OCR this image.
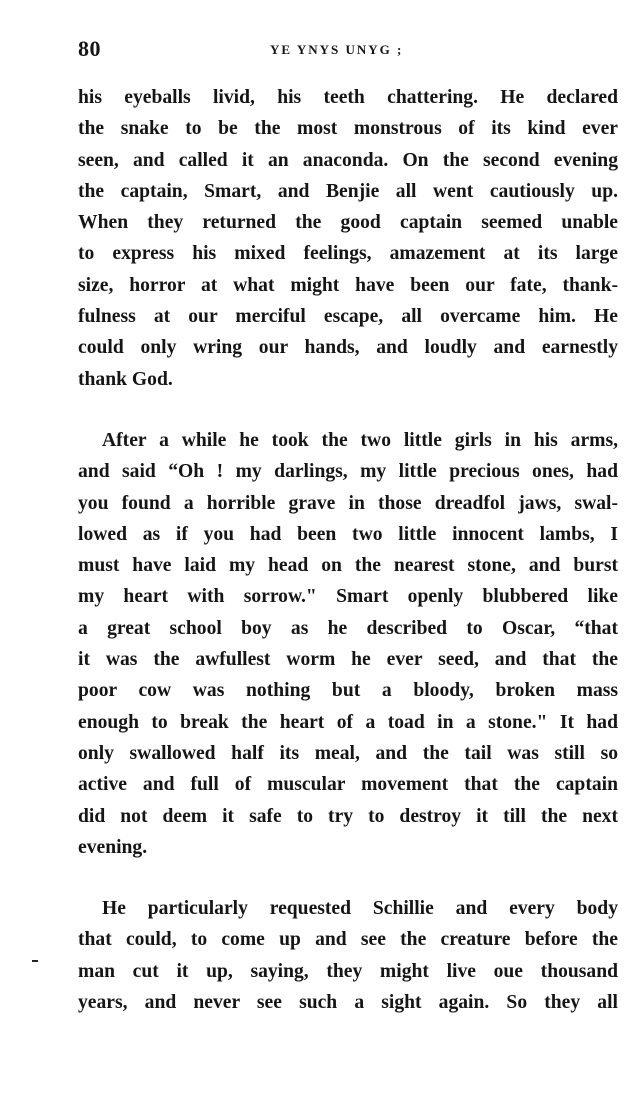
80	YE YNYS UNYG ;

his eyeballs livid, his teeth chattering. He declared
the snake to be the most monstrous of its kind ever
seen, and called it an anaconda. On the second evening
the captain, Smart, and Benjie all went cautiously up.
When they returned the good captain seemed unable
to express his mixed feelings, amazement at its large
size, horror at what might have been our fate, thank-
fulness at our merciful escape, all overcame him. He
could only wring our hands, and loudly and earnestly
thank God.

After a while he took the two little girls in his arms,
and said “Oh ! my darlings, my little precious ones, had
you found a horrible grave in those dreadfol jaws, swal-
lowed as if you had been two little innocent lambs, I
must have laid my head on the nearest stone, and burst
my heart with sorrow." Smart openly blubbered like
a great school boy as he described to Oscar, “that
it was the awfullest worm he ever seed, and that the
poor cow was nothing but a bloody, broken mass
enough to break the heart of a toad in a stone." It had
only swallowed half its meal, and the tail was still so
active and full of muscular movement that the captain
did not deem it safe to try to destroy it till the next
evening.

He particularly requested Schillie and every body
that could, to come up and see the creature before the
man cut it up, saying, they might live oue thousand
years, and never see such a sight again. So they all
